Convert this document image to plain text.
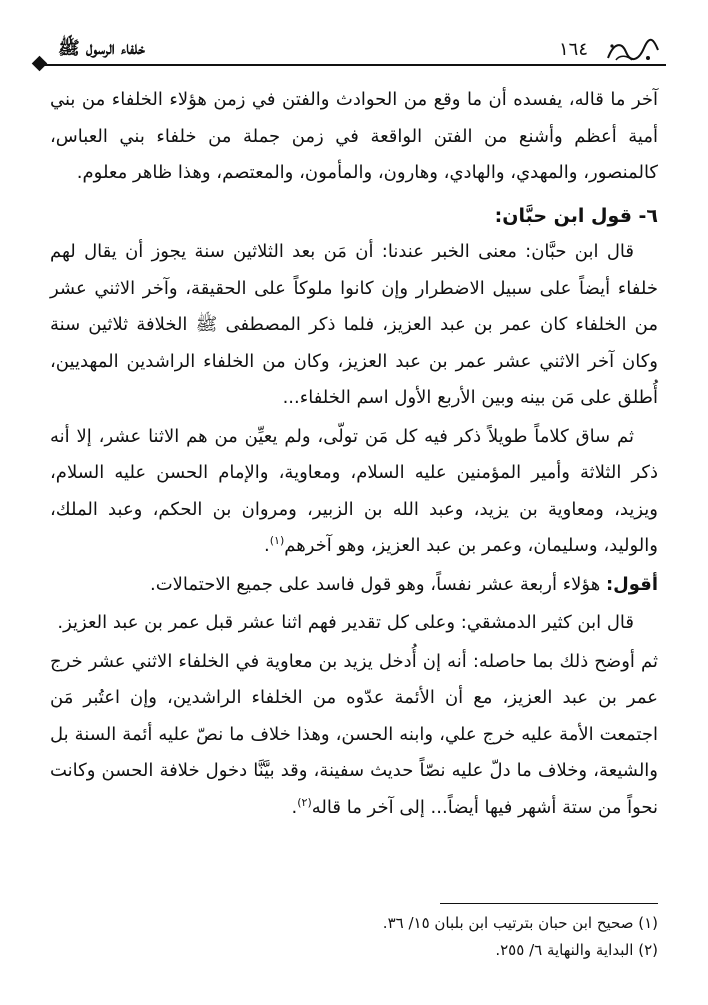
خلفاء الرسول ﷺ	١٦٤

آخر ما قاله، يفسده أن ما وقع من الحوادث والفتن في زمن هؤلاء الخلفاء من بني أمية أعظم وأشنع من الفتن الواقعة في زمن جملة من خلفاء بني العباس، كالمنصور، والمهدي، والهادي، وهارون، والمأمون، والمعتصم، وهذا ظاهر معلوم.

٦- قول ابن حبَّان:

قال ابن حبَّان: معنى الخبر عندنا: أن مَن بعد الثلاثين سنة يجوز أن يقال لهم خلفاء أيضاً على سبيل الاضطرار وإن كانوا ملوكاً على الحقيقة، وآخر الاثني عشر من الخلفاء كان عمر بن عبد العزيز، فلما ذكر المصطفى ﷺ الخلافة ثلاثين سنة وكان آخر الاثني عشر عمر بن عبد العزيز، وكان من الخلفاء الراشدين المهديين، أُطلق على مَن بينه وبين الأربع الأول اسم الخلفاء...

ثم ساق كلاماً طويلاً ذكر فيه كل مَن تولّى، ولم يعيِّن من هم الاثنا عشر، إلا أنه ذكر الثلاثة وأمير المؤمنين عليه السلام، ومعاوية، والإمام الحسن عليه السلام، ويزيد، ومعاوية بن يزيد، وعبد الله بن الزبير، ومروان بن الحكم، وعبد الملك، والوليد، وسليمان، وعمر بن عبد العزيز، وهو آخرهم$^{(١)}$.

أقول: هؤلاء أربعة عشر نفساً، وهو قول فاسد على جميع الاحتمالات.

قال ابن كثير الدمشقي: وعلى كل تقدير فهم اثنا عشر قبل عمر بن عبد العزيز.

ثم أوضح ذلك بما حاصله: أنه إن أُدخل يزيد بن معاوية في الخلفاء الاثني عشر خرج عمر بن عبد العزيز، مع أن الأئمة عدّوه من الخلفاء الراشدين، وإن اعتُبر مَن اجتمعت الأمة عليه خرج علي، وابنه الحسن، وهذا خلاف ما نصّ عليه أئمة السنة بل والشيعة، وخلاف ما دلّ عليه نصّاً حديث سفينة، وقد بيَّنَّا دخول خلافة الحسن وكانت نحواً من ستة أشهر فيها أيضاً... إلى آخر ما قاله$^{(٢)}$.

(١) صحيح ابن حبان بترتيب ابن بلبان ١٥/ ٣٦.
(٢) البداية والنهاية ٦/ ٢٥٥.
